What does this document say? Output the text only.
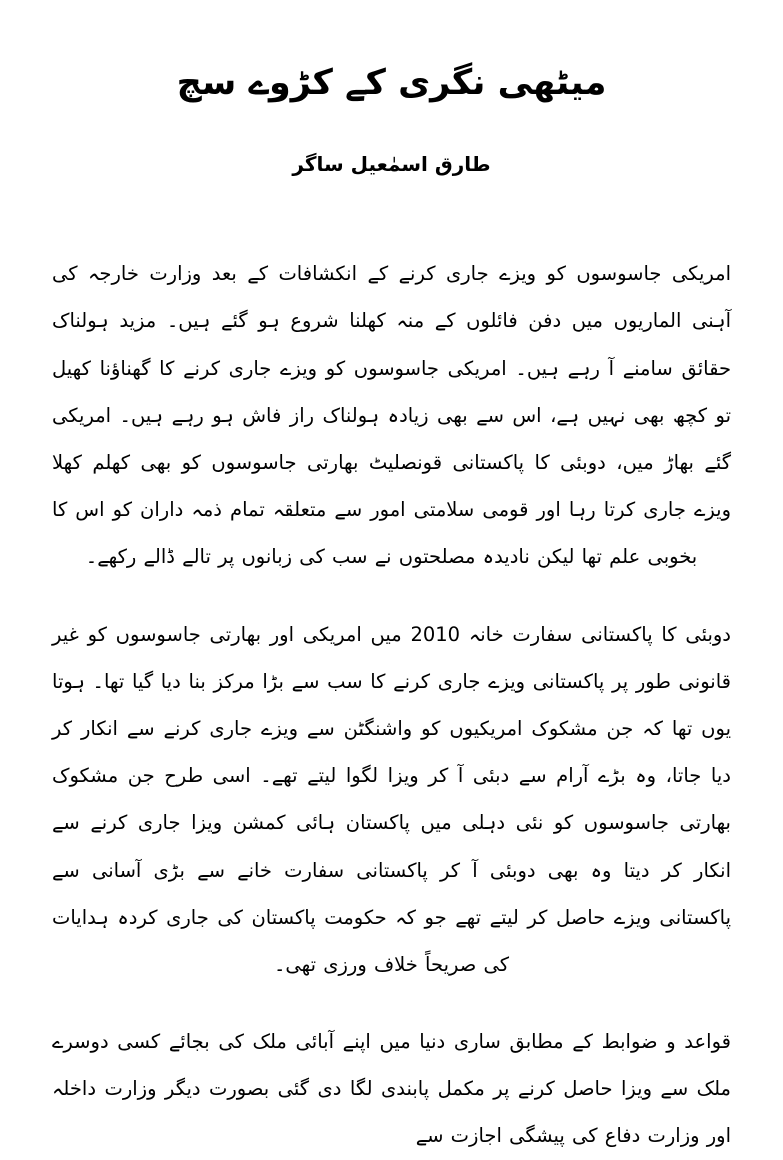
میٹھی نگری کے کڑوے سچ
طارق اسمٰعیل ساگر

امریکی جاسوسوں کو ویزے جاری کرنے کے انکشافات کے بعد وزارت خارجہ کی آہنی الماریوں میں دفن فائلوں کے منہ کھلنا شروع ہو گئے ہیں۔ مزید ہولناک حقائق سامنے آ رہے ہیں۔ امریکی جاسوسوں کو ویزے جاری کرنے کا گھناؤنا کھیل تو کچھ بھی نہیں ہے، اس سے بھی زیادہ ہولناک راز فاش ہو رہے ہیں۔ امریکی گئے بھاڑ میں، دوبئی کا پاکستانی قونصلیٹ بھارتی جاسوسوں کو بھی کھلم کھلا ویزے جاری کرتا رہا اور قومی سلامتی امور سے متعلقہ تمام ذمہ داران کو اس کا بخوبی علم تھا لیکن نادیدہ مصلحتوں نے سب کی زبانوں پر تالے ڈالے رکھے۔

دوبئی کا پاکستانی سفارت خانہ 2010 میں امریکی اور بھارتی جاسوسوں کو غیر قانونی طور پر پاکستانی ویزے جاری کرنے کا سب سے بڑا مرکز بنا دیا گیا تھا۔ ہوتا یوں تھا کہ جن مشکوک امریکیوں کو واشنگٹن سے ویزے جاری کرنے سے انکار کر دیا جاتا، وہ بڑے آرام سے دبئی آ کر ویزا لگوا لیتے تھے۔ اسی طرح جن مشکوک بھارتی جاسوسوں کو نئی دہلی میں پاکستان ہائی کمشن ویزا جاری کرنے سے انکار کر دیتا وہ بھی دوبئی آ کر پاکستانی سفارت خانے سے بڑی آسانی سے پاکستانی ویزے حاصل کر لیتے تھے جو کہ حکومت پاکستان کی جاری کردہ ہدایات کی صریحاً خلاف ورزی تھی۔

قواعد و ضوابط کے مطابق ساری دنیا میں اپنے آبائی ملک کی بجائے کسی دوسرے ملک سے ویزا حاصل کرنے پر مکمل پابندی لگا دی گئی بصورت دیگر وزارت داخلہ اور وزارت دفاع کی پیشگی اجازت سے
